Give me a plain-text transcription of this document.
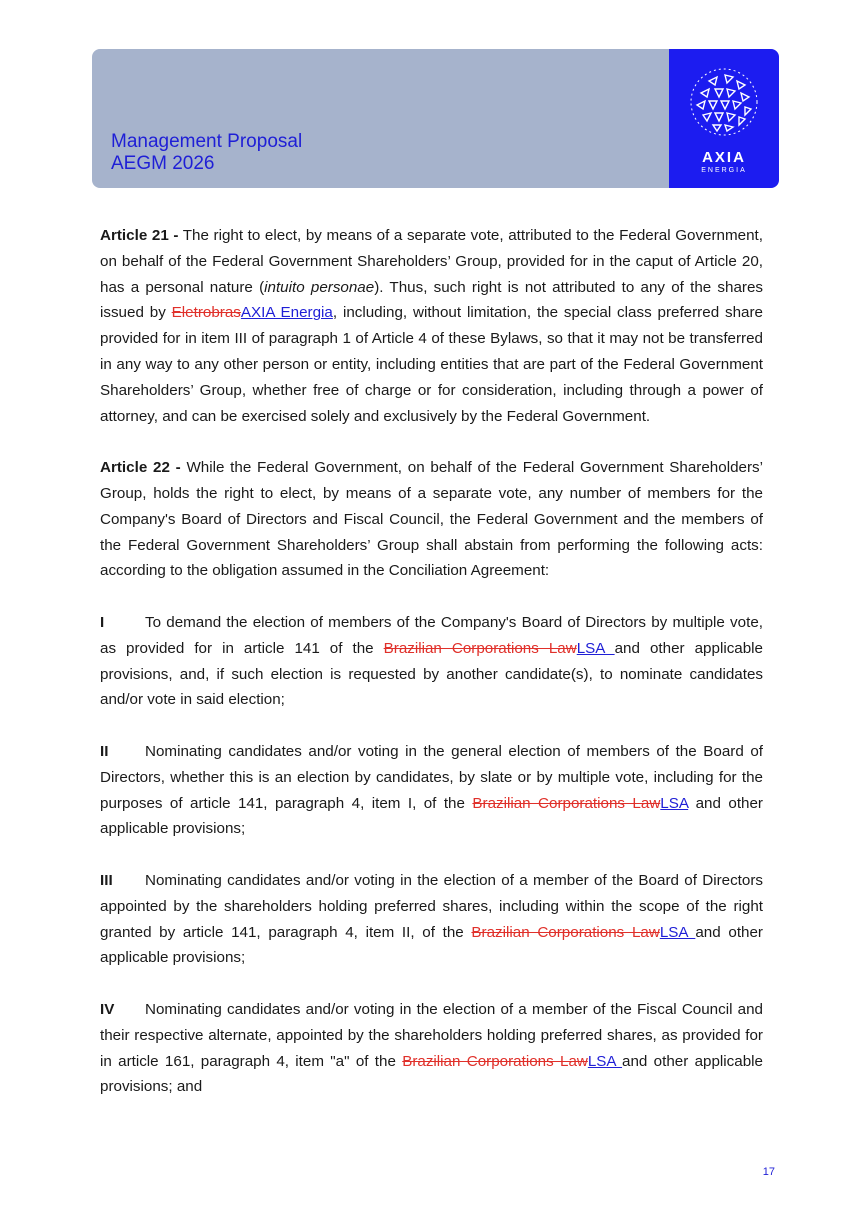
Management Proposal
AEGM 2026	AXIA
ENERGIA

Article 21 - The right to elect, by means of a separate vote, attributed to the Federal Government, on behalf of the Federal Government Shareholders’ Group, provided for in the caput of Article 20, has a personal nature (intuito personae). Thus, such right is not attributed to any of the shares issued by EletrobrasAXIA Energia, including, without limitation, the special class preferred share provided for in item III of paragraph 1 of Article 4 of these Bylaws, so that it may not be transferred in any way to any other person or entity, including entities that are part of the Federal Government Shareholders’ Group, whether free of charge or for consideration, including through a power of attorney, and can be exercised solely and exclusively by the Federal Government.

Article 22 - While the Federal Government, on behalf of the Federal Government Shareholders’ Group, holds the right to elect, by means of a separate vote, any number of members for the Company's Board of Directors and Fiscal Council, the Federal Government and the members of the Federal Government Shareholders’ Group shall abstain from performing the following acts: according to the obligation assumed in the Conciliation Agreement:

I	To demand the election of members of the Company's Board of Directors by multiple vote, as provided for in article 141 of the Brazilian Corporations LawLSA and other applicable provisions, and, if such election is requested by another candidate(s), to nominate candidates and/or vote in said election;

II Nominating candidates and/or voting in the general election of members of the Board of Directors, whether this is an election by candidates, by slate or by multiple vote, including for the purposes of article 141, paragraph 4, item I, of the Brazilian Corporations LawLSA and other applicable provisions;

III Nominating candidates and/or voting in the election of a member of the Board of Directors appointed by the shareholders holding preferred shares, including within the scope of the right granted by article 141, paragraph 4, item II, of the Brazilian Corporations LawLSA and other applicable provisions;

IV Nominating candidates and/or voting in the election of a member of the Fiscal Council and their respective alternate, appointed by the shareholders holding preferred shares, as provided for in article 161, paragraph 4, item "a" of the Brazilian Corporations LawLSA and other applicable provisions; and

17
